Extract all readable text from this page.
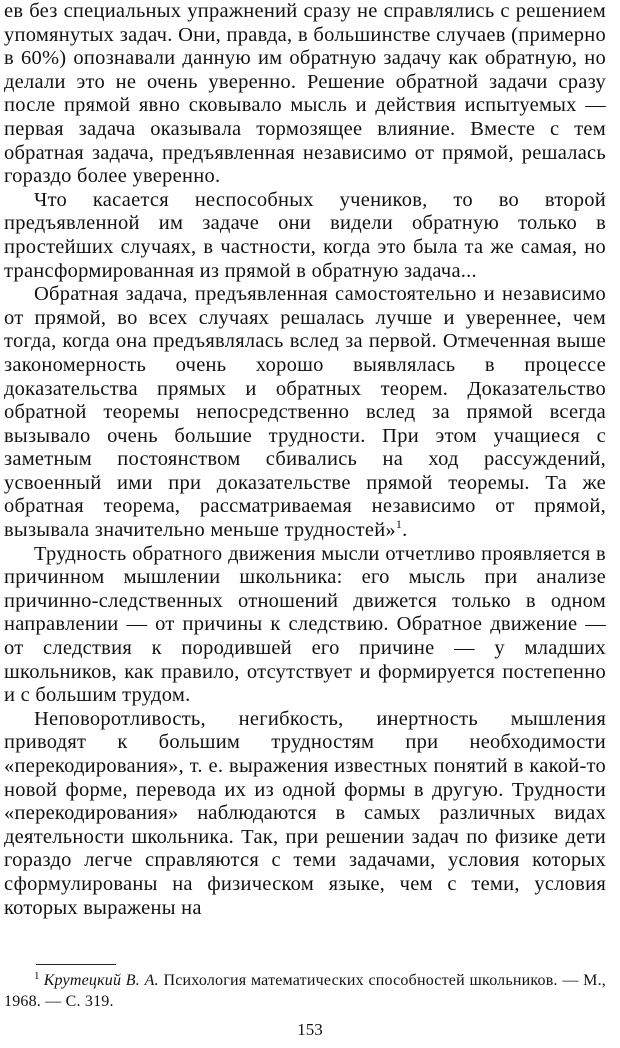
ев без специальных упражнений сразу не справлялись с решением упомянутых задач. Они, правда, в большинстве случаев (примерно в 60%) опознавали данную им обратную задачу как обратную, но делали это не очень уверенно. Решение обратной задачи сразу после прямой явно сковывало мысль и действия испытуемых — первая задача оказывала тормозящее влияние. Вместе с тем обратная задача, предъявленная независимо от прямой, решалась гораздо более уверенно.

Что касается неспособных учеников, то во второй предъявленной им задаче они видели обратную только в простейших случаях, в частности, когда это была та же самая, но трансформированная из прямой в обратную задача...

Обратная задача, предъявленная самостоятельно и независимо от прямой, во всех случаях решалась лучше и увереннее, чем тогда, когда она предъявлялась вслед за первой. Отмеченная выше закономерность очень хорошо выявлялась в процессе доказательства прямых и обратных теорем. Доказательство обратной теоремы непосредственно вслед за прямой всегда вызывало очень большие трудности. При этом учащиеся с заметным постоянством сбивались на ход рассуждений, усвоенный ими при доказательстве прямой теоремы. Та же обратная теорема, рассматриваемая независимо от прямой, вызывала значительно меньше трудностей»$^1$.

Трудность обратного движения мысли отчетливо проявляется в причинном мышлении школьника: его мысль при анализе причинно-следственных отношений движется только в одном направлении — от причины к следствию. Обратное движение — от следствия к породившей его причине — у младших школьников, как правило, отсутствует и формируется постепенно и с большим трудом.

Неповоротливость, негибкость, инертность мышления приводят к большим трудностям при необходимости «перекодирования», т. е. выражения известных понятий в какой-то новой форме, перевода их из одной формы в другую. Трудности «перекодирования» наблюдаются в самых различных видах деятельности школьника. Так, при решении задач по физике дети гораздо легче справляются с теми задачами, условия которых сформулированы на физическом языке, чем с теми, условия которых выражены на

$^1$ Крутецкий В. А. Психология математических способностей школьников. — М., 1968. — С. 319.
153
